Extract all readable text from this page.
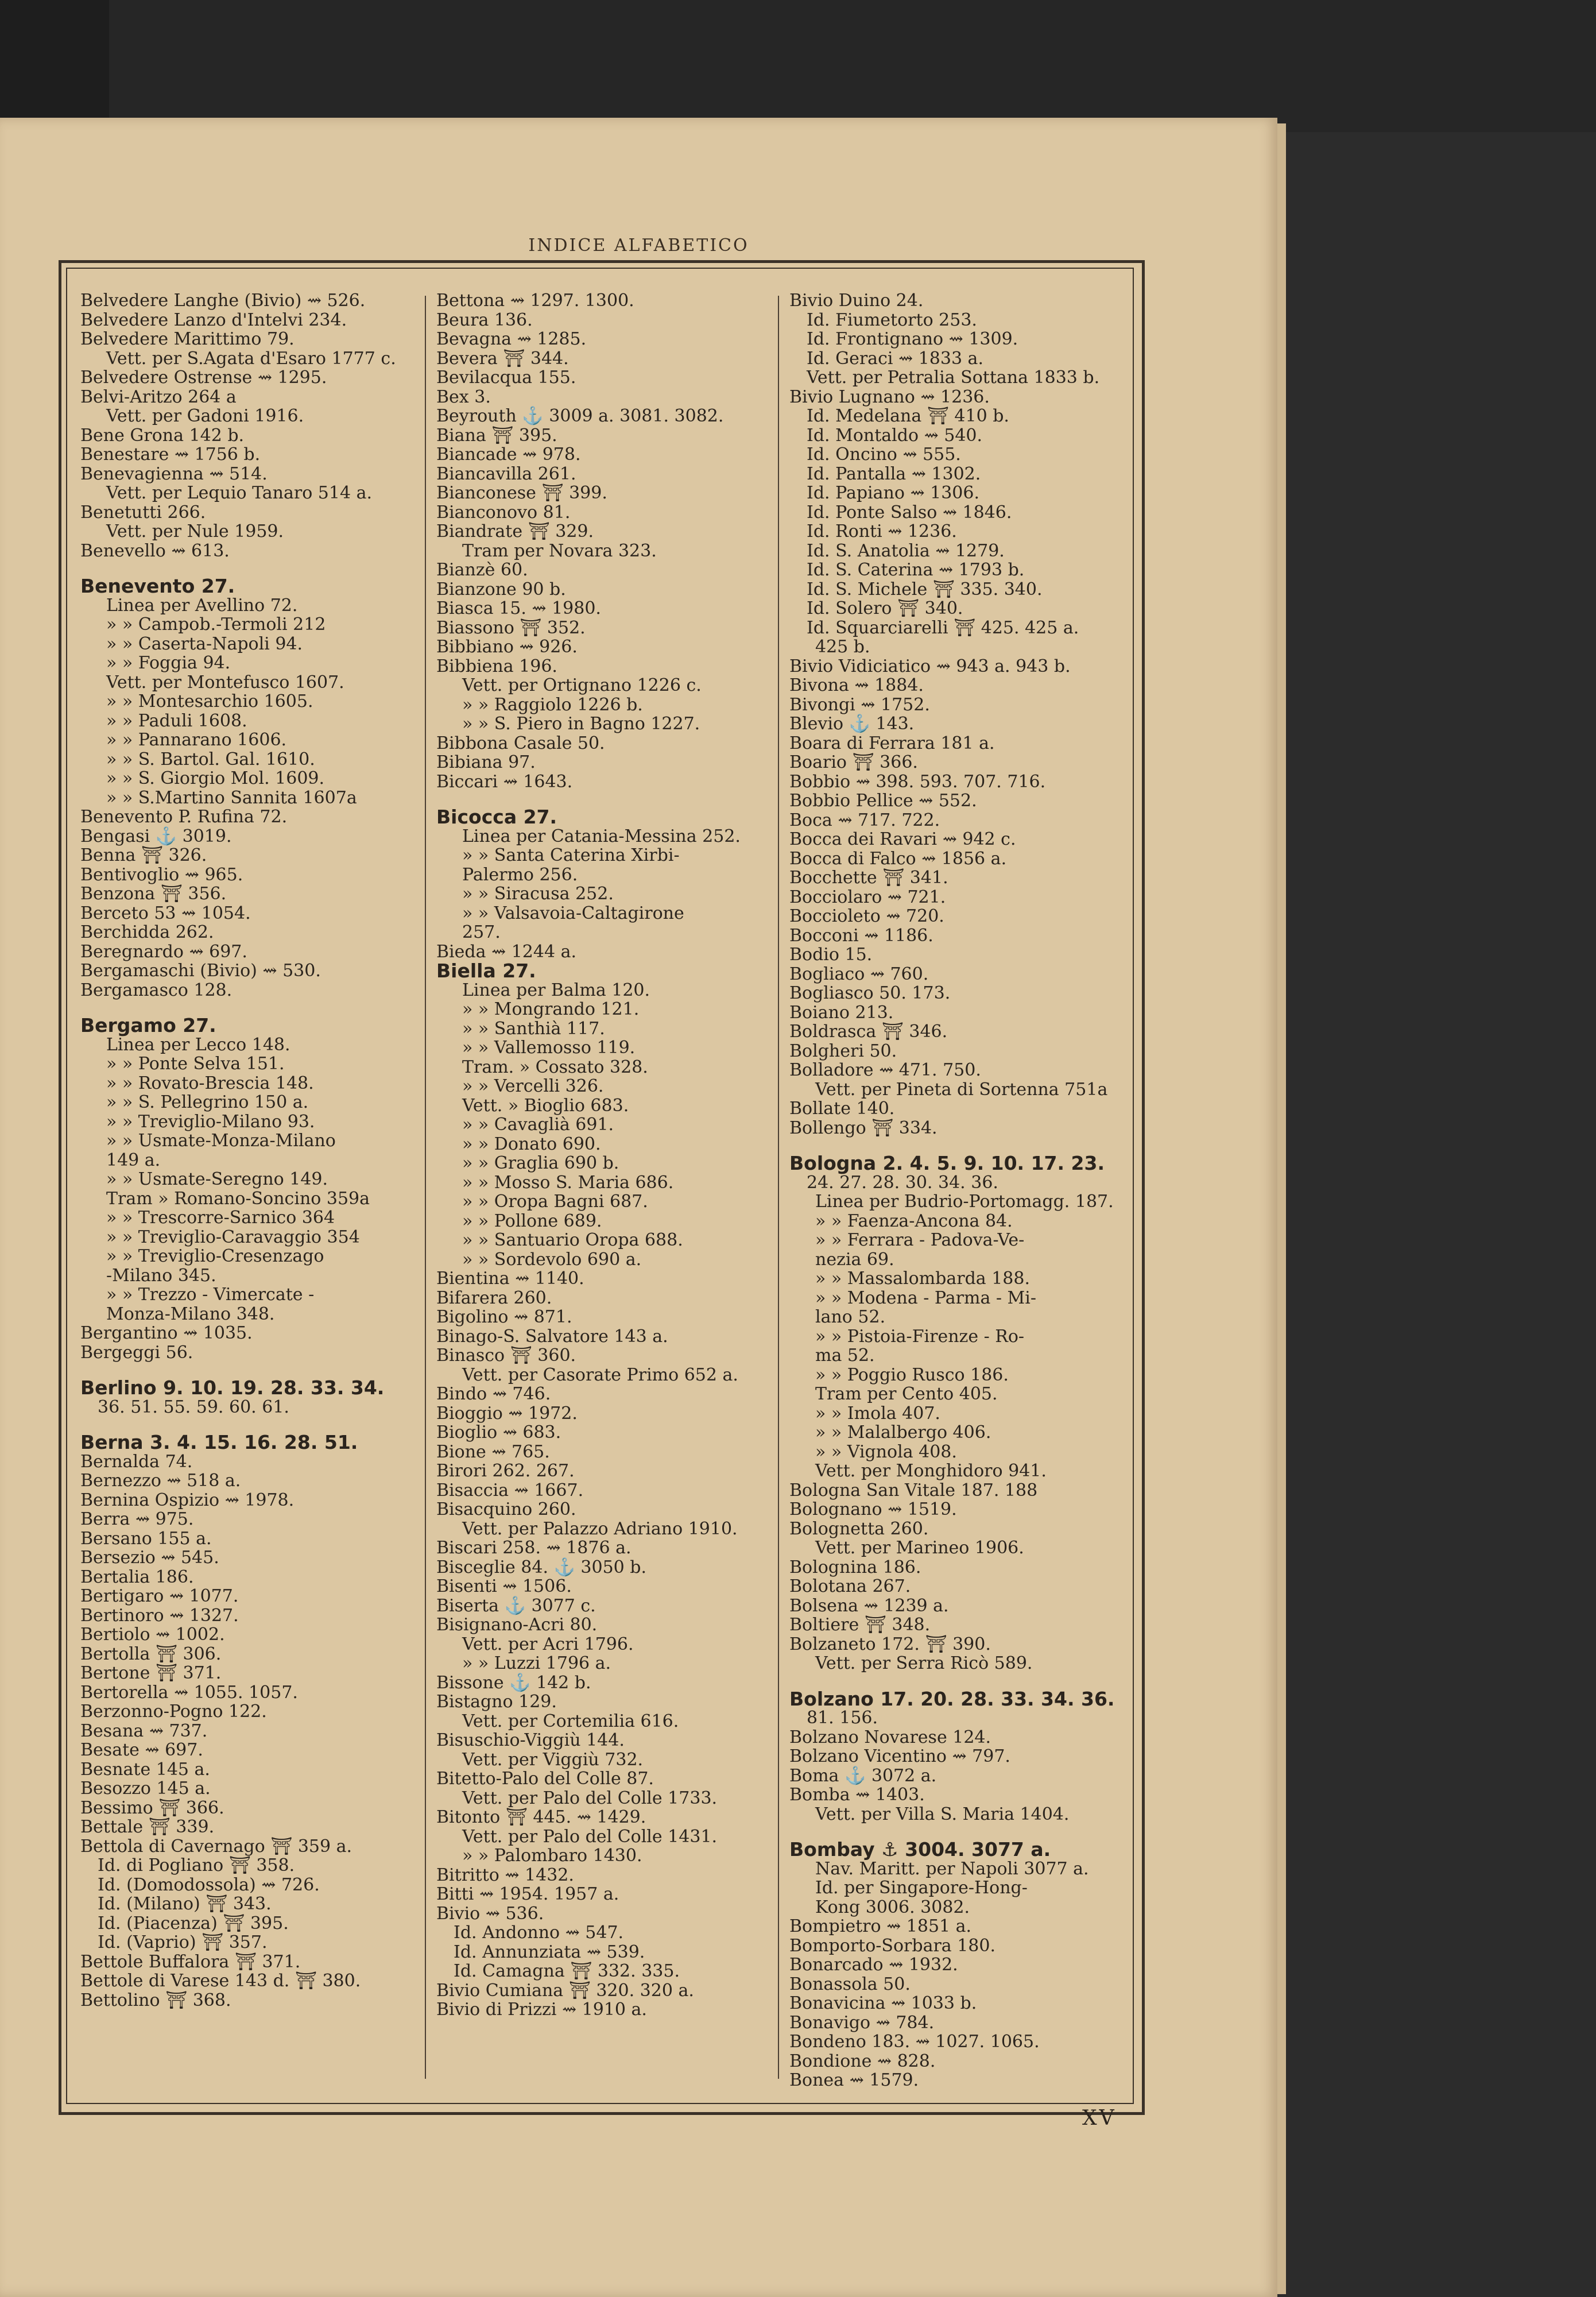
INDICE ALFABETICO
Belvedere Langhe (Bivio) ⇝ 526.
Belvedere Lanzo d'Intelvi 234.
Belvedere Marittimo 79.
Vett. per S.Agata d'Esaro 1777 c.
Belvedere Ostrense ⇝ 1295.
Belvi-Aritzo 264 a
Vett. per Gadoni 1916.
Bene Grona 142 b.
Benestare ⇝ 1756 b.
Benevagienna ⇝ 514.
Vett. per Lequio Tanaro 514 a.
Benetutti 266.
Vett. per Nule 1959.
Benevello ⇝ 613.
Benevento 27.
Linea per Avellino 72.
» » Campob.-Termoli 212
» » Caserta-Napoli 94.
» » Foggia 94.
Vett. per Montefusco 1607.
» » Montesarchio 1605.
» » Paduli 1608.
» » Pannarano 1606.
» » S. Bartol. Gal. 1610.
» » S. Giorgio Mol. 1609.
» » S.Martino Sannita 1607a
Benevento P. Rufina 72.
Bengasi ⚓ 3019.
Benna ⛩ 326.
Bentivoglio ⇝ 965.
Benzona ⛩ 356.
Berceto 53 ⇝ 1054.
Berchidda 262.
Beregnardo ⇝ 697.
Bergamaschi (Bivio) ⇝ 530.
Bergamasco 128.
Bergamo 27.
Linea per Lecco 148.
» » Ponte Selva 151.
» » Rovato-Brescia 148.
» » S. Pellegrino 150 a.
» » Treviglio-Milano 93.
» » Usmate-Monza-Milano
149 a.
» » Usmate-Seregno 149.
Tram » Romano-Soncino 359a
» » Trescorre-Sarnico 364
» » Treviglio-Caravaggio 354
» » Treviglio-Cresenzago
-Milano 345.
» » Trezzo - Vimercate -
Monza-Milano 348.
Bergantino ⇝ 1035.
Bergeggi 56.
Berlino 9. 10. 19. 28. 33. 34.
36. 51. 55. 59. 60. 61.
Berna 3. 4. 15. 16. 28. 51.
Bernalda 74.
Bernezzo ⇝ 518 a.
Bernina Ospizio ⇝ 1978.
Berra ⇝ 975.
Bersano 155 a.
Bersezio ⇝ 545.
Bertalia 186.
Bertigaro ⇝ 1077.
Bertinoro ⇝ 1327.
Bertiolo ⇝ 1002.
Bertolla ⛩ 306.
Bertone ⛩ 371.
Bertorella ⇝ 1055. 1057.
Berzonno-Pogno 122.
Besana ⇝ 737.
Besate ⇝ 697.
Besnate 145 a.
Besozzo 145 a.
Bessimo ⛩ 366.
Bettale ⛩ 339.
Bettola di Cavernago ⛩ 359 a.
Id. di Pogliano ⛩ 358.
Id. (Domodossola) ⇝ 726.
Id. (Milano) ⛩ 343.
Id. (Piacenza) ⛩ 395.
Id. (Vaprio) ⛩ 357.
Bettole Buffalora ⛩ 371.
Bettole di Varese 143 d. ⛩ 380.
Bettolino ⛩ 368.
Bettona ⇝ 1297. 1300.
Beura 136.
Bevagna ⇝ 1285.
Bevera ⛩ 344.
Bevilacqua 155.
Bex 3.
Beyrouth ⚓ 3009 a. 3081. 3082.
Biana ⛩ 395.
Biancade ⇝ 978.
Biancavilla 261.
Bianconese ⛩ 399.
Bianconovo 81.
Biandrate ⛩ 329.
Tram per Novara 323.
Bianzè 60.
Bianzone 90 b.
Biasca 15. ⇝ 1980.
Biassono ⛩ 352.
Bibbiano ⇝ 926.
Bibbiena 196.
Vett. per Ortignano 1226 c.
» » Raggiolo 1226 b.
» » S. Piero in Bagno 1227.
Bibbona Casale 50.
Bibiana 97.
Biccari ⇝ 1643.
Bicocca 27.
Linea per Catania-Messina 252.
» » Santa Caterina Xirbi-
Palermo 256.
» » Siracusa 252.
» » Valsavoia-Caltagirone
257.
Bieda ⇝ 1244 a.
Biella 27.
Linea per Balma 120.
» » Mongrando 121.
» » Santhià 117.
» » Vallemosso 119.
Tram. » Cossato 328.
» » Vercelli 326.
Vett. » Bioglio 683.
» » Cavaglià 691.
» » Donato 690.
» » Graglia 690 b.
» » Mosso S. Maria 686.
» » Oropa Bagni 687.
» » Pollone 689.
» » Santuario Oropa 688.
» » Sordevolo 690 a.
Bientina ⇝ 1140.
Bifarera 260.
Bigolino ⇝ 871.
Binago-S. Salvatore 143 a.
Binasco ⛩ 360.
Vett. per Casorate Primo 652 a.
Bindo ⇝ 746.
Bioggio ⇝ 1972.
Bioglio ⇝ 683.
Bione ⇝ 765.
Birori 262. 267.
Bisaccia ⇝ 1667.
Bisacquino 260.
Vett. per Palazzo Adriano 1910.
Biscari 258. ⇝ 1876 a.
Bisceglie 84. ⚓ 3050 b.
Bisenti ⇝ 1506.
Biserta ⚓ 3077 c.
Bisignano-Acri 80.
Vett. per Acri 1796.
» » Luzzi 1796 a.
Bissone ⚓ 142 b.
Bistagno 129.
Vett. per Cortemilia 616.
Bisuschio-Viggiù 144.
Vett. per Viggiù 732.
Bitetto-Palo del Colle 87.
Vett. per Palo del Colle 1733.
Bitonto ⛩ 445. ⇝ 1429.
Vett. per Palo del Colle 1431.
» » Palombaro 1430.
Bitritto ⇝ 1432.
Bitti ⇝ 1954. 1957 a.
Bivio ⇝ 536.
Id. Andonno ⇝ 547.
Id. Annunziata ⇝ 539.
Id. Camagna ⛩ 332. 335.
Bivio Cumiana ⛩ 320. 320 a.
Bivio di Prizzi ⇝ 1910 a.
Bivio Duino 24.
Id. Fiumetorto 253.
Id. Frontignano ⇝ 1309.
Id. Geraci ⇝ 1833 a.
Vett. per Petralia Sottana 1833 b.
Bivio Lugnano ⇝ 1236.
Id. Medelana ⛩ 410 b.
Id. Montaldo ⇝ 540.
Id. Oncino ⇝ 555.
Id. Pantalla ⇝ 1302.
Id. Papiano ⇝ 1306.
Id. Ponte Salso ⇝ 1846.
Id. Ronti ⇝ 1236.
Id. S. Anatolia ⇝ 1279.
Id. S. Caterina ⇝ 1793 b.
Id. S. Michele ⛩ 335. 340.
Id. Solero ⛩ 340.
Id. Squarciarelli ⛩ 425. 425 a.
425 b.
Bivio Vidiciatico ⇝ 943 a. 943 b.
Bivona ⇝ 1884.
Bivongi ⇝ 1752.
Blevio ⚓ 143.
Boara di Ferrara 181 a.
Boario ⛩ 366.
Bobbio ⇝ 398. 593. 707. 716.
Bobbio Pellice ⇝ 552.
Boca ⇝ 717. 722.
Bocca dei Ravari ⇝ 942 c.
Bocca di Falco ⇝ 1856 a.
Bocchette ⛩ 341.
Bocciolaro ⇝ 721.
Boccioleto ⇝ 720.
Bocconi ⇝ 1186.
Bodio 15.
Bogliaco ⇝ 760.
Bogliasco 50. 173.
Boiano 213.
Boldrasca ⛩ 346.
Bolgheri 50.
Bolladore ⇝ 471. 750.
Vett. per Pineta di Sortenna 751a
Bollate 140.
Bollengo ⛩ 334.
Bologna 2. 4. 5. 9. 10. 17. 23.
24. 27. 28. 30. 34. 36.
Linea per Budrio-Portomagg. 187.
» » Faenza-Ancona 84.
» » Ferrara - Padova-Ve-
nezia 69.
» » Massalombarda 188.
» » Modena - Parma - Mi-
lano 52.
» » Pistoia-Firenze - Ro-
ma 52.
» » Poggio Rusco 186.
Tram per Cento 405.
» » Imola 407.
» » Malalbergo 406.
» » Vignola 408.
Vett. per Monghidoro 941.
Bologna San Vitale 187. 188
Bolognano ⇝ 1519.
Bolognetta 260.
Vett. per Marineo 1906.
Bolognina 186.
Bolotana 267.
Bolsena ⇝ 1239 a.
Boltiere ⛩ 348.
Bolzaneto 172. ⛩ 390.
Vett. per Serra Ricò 589.
Bolzano 17. 20. 28. 33. 34. 36.
81. 156.
Bolzano Novarese 124.
Bolzano Vicentino ⇝ 797.
Boma ⚓ 3072 a.
Bomba ⇝ 1403.
Vett. per Villa S. Maria 1404.
Bombay ⚓ 3004. 3077 a.
Nav. Maritt. per Napoli 3077 a.
Id. per Singapore-Hong-
Kong 3006. 3082.
Bompietro ⇝ 1851 a.
Bomporto-Sorbara 180.
Bonarcado ⇝ 1932.
Bonassola 50.
Bonavicina ⇝ 1033 b.
Bonavigo ⇝ 784.
Bondeno 183. ⇝ 1027. 1065.
Bondione ⇝ 828.
Bonea ⇝ 1579.
XV
